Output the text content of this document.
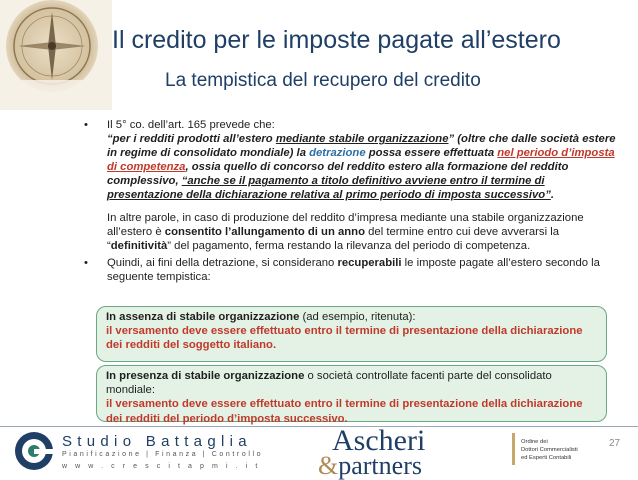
Il credito per le imposte pagate all’estero
La tempistica del recupero del credito
• Il 5° co. dell’art. 165 prevede che:
“per i redditi prodotti all’estero mediante stabile organizzazione” (oltre che dalle società estere in regime di consolidato mondiale) la detrazione possa essere effettuata nel periodo d’imposta di competenza, ossia quello di concorso del reddito estero alla formazione del reddito complessivo, “anche se il pagamento a titolo definitivo avviene entro il termine di presentazione della dichiarazione relativa al primo periodo di imposta successivo”.
In altre parole, in caso di produzione del reddito d’impresa mediante una stabile organizzazione all’estero è consentito l’allungamento di un anno del termine entro cui deve avverarsi la “definitività” del pagamento, ferma restando la rilevanza del periodo di competenza.
• Quindi, ai fini della detrazione, si considerano recuperabili le imposte pagate all’estero secondo la seguente tempistica:
In assenza di stabile organizzazione (ad esempio, ritenuta):
il versamento deve essere effettuato entro il termine di presentazione della dichiarazione dei redditi del soggetto italiano.
In presenza di stabile organizzazione o società controllate facenti parte del consolidato mondiale:
il versamento deve essere effettuato entro il termine di presentazione della dichiarazione dei redditi del periodo d’imposta successivo.
Studio Battaglia
Pianificazione | Finanza | Controllo
www.crescitapmi.it
Ascheri
&partners
Ordine dei
Dottori Commercialisti
ed Esperti Contabili
27
